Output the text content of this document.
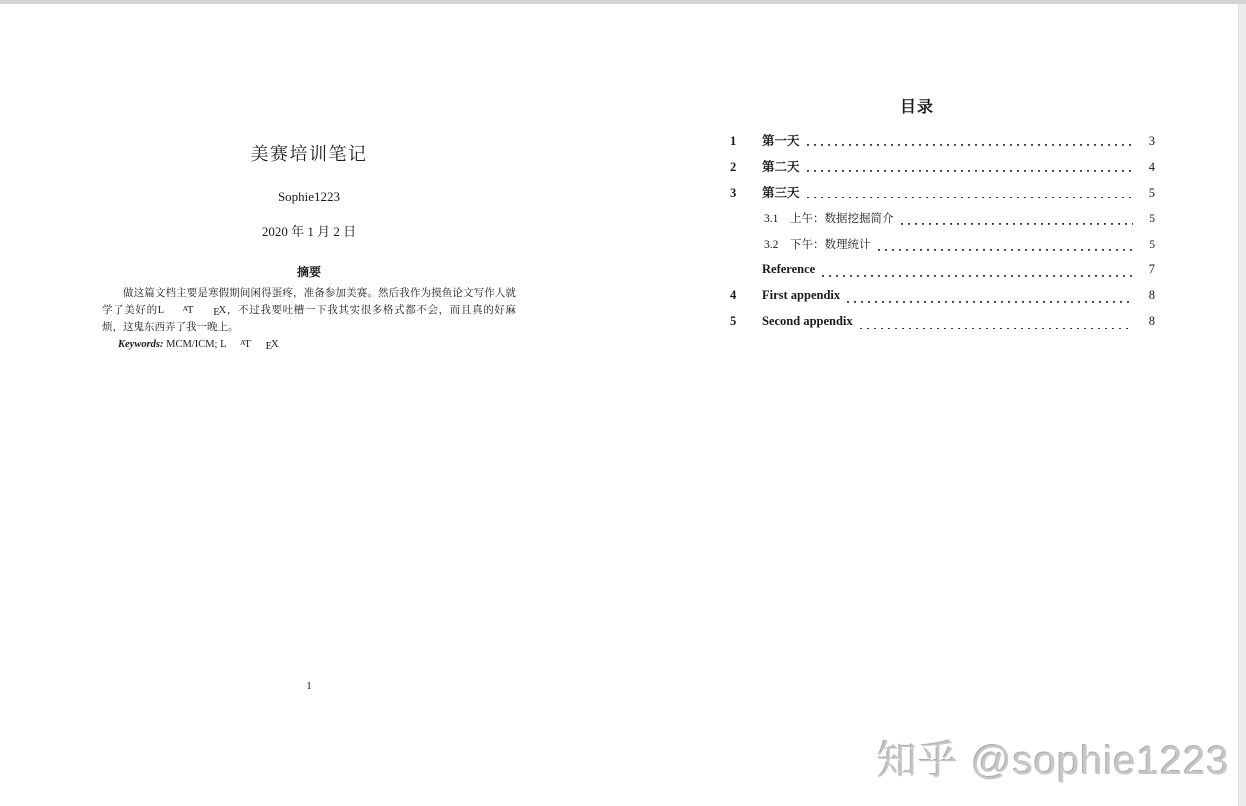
美赛培训笔记
Sophie1223
2020 年 1 月 2 日
摘要

做这篇文档主要是寒假期间闲得蛋疼，准备参加美赛。然后我作为摸鱼论文写作人就学了美好的L AT EX，不过我要吐槽一下我其实很多格式都不会，而且真的好麻烦，这鬼东西弄了我一晚上。

Keywords: MCM/ICM; L AT EX

1
目录
1	第一天	3
2	第二天	4
3	第三天	5
3.1	上午：数据挖掘简介	5
3.2	下午：数理统计	5
Reference	7
4	First appendix	8
5	Second appendix	8
知乎 @sophie1223
